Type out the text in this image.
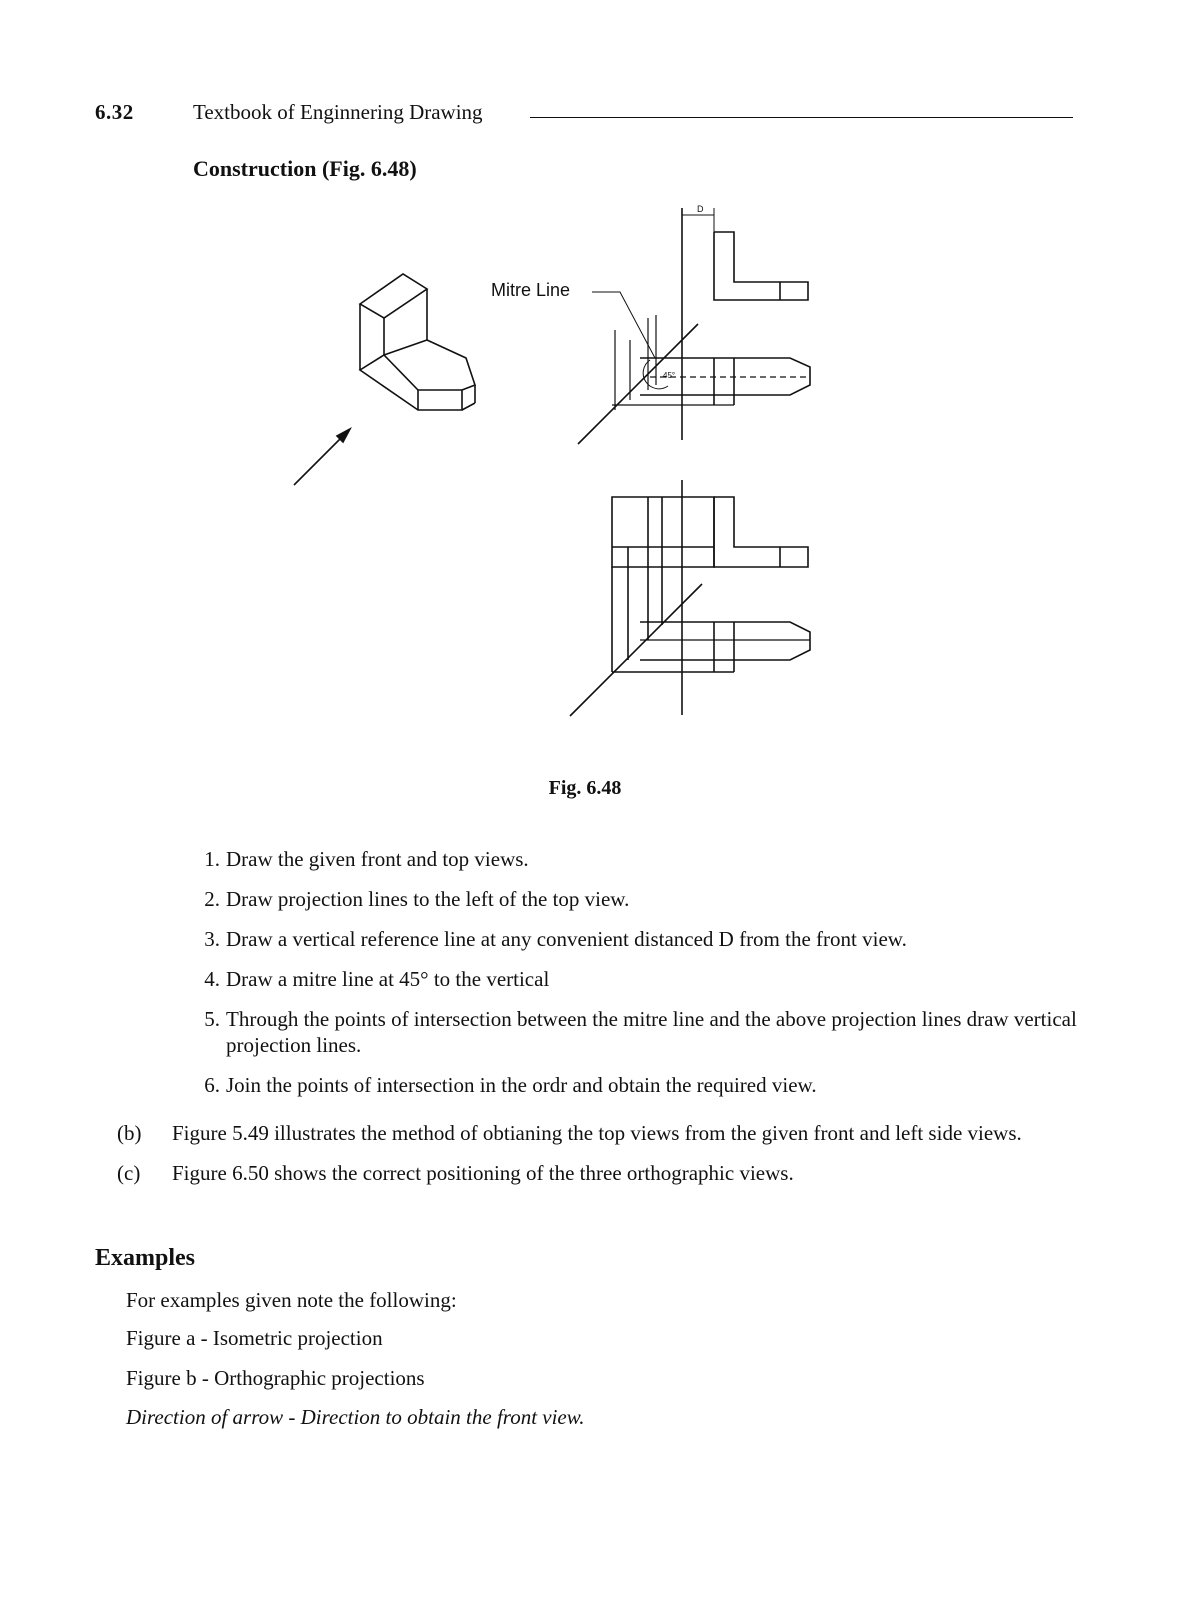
6.32	Textbook of Enginnering Drawing
Construction (Fig. 6.48)
Mitre Line
D
45°
Fig. 6.48
1. Draw the given front and top views.
2. Draw projection lines to the left of the top view.
3. Draw a vertical reference line at any convenient distanced D from the front view.
4. Draw a mitre line at 45° to the vertical
5. Through the points of intersection between the mitre line and the above projection lines draw vertical projection lines.
6. Join the points of intersection in the ordr and obtain the required view.
(b) Figure 5.49 illustrates the method of obtianing the top views from the given front and left side views.
(c) Figure 6.50 shows the correct positioning of the three orthographic views.
Examples
For examples given note the following:
Figure a - Isometric projection
Figure b - Orthographic projections
Direction of arrow - Direction to obtain the front view.
